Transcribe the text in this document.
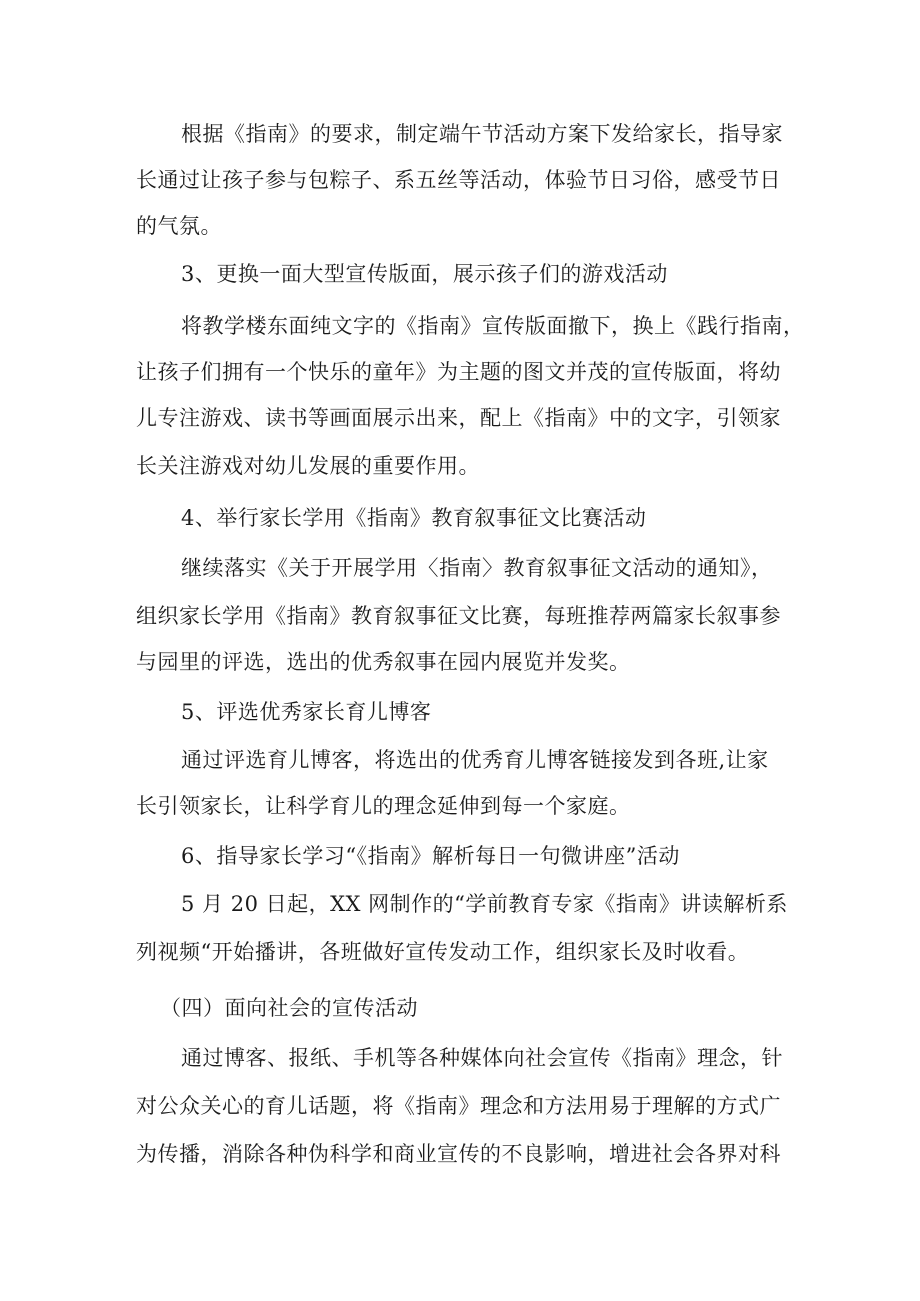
根据《指南》的要求，制定端午节活动方案下发给家长，指导家
长通过让孩子参与包粽子、系五丝等活动，体验节日习俗，感受节日
的气氛。
3、更换一面大型宣传版面，展示孩子们的游戏活动
将教学楼东面纯文字的《指南》宣传版面撤下，换上《践行指南，
让孩子们拥有一个快乐的童年》为主题的图文并茂的宣传版面，将幼
儿专注游戏、读书等画面展示出来，配上《指南》中的文字，引领家
长关注游戏对幼儿发展的重要作用。
4、举行家长学用《指南》教育叙事征文比赛活动
继续落实《关于开展学用〈指南〉教育叙事征文活动的通知》，
组织家长学用《指南》教育叙事征文比赛，每班推荐两篇家长叙事参
与园里的评选，选出的优秀叙事在园内展览并发奖。
5、评选优秀家长育儿博客
通过评选育儿博客，将选出的优秀育儿博客链接发到各班,让家
长引领家长，让科学育儿的理念延伸到每一个家庭。
6、指导家长学习“《指南》解析每日一句微讲座”活动
5 月 20 日起，XX 网制作的“学前教育专家《指南》讲读解析系
列视频“开始播讲，各班做好宣传发动工作，组织家长及时收看。
（四）面向社会的宣传活动
通过博客、报纸、手机等各种媒体向社会宣传《指南》理念，针
对公众关心的育儿话题，将《指南》理念和方法用易于理解的方式广
为传播，消除各种伪科学和商业宣传的不良影响，增进社会各界对科
